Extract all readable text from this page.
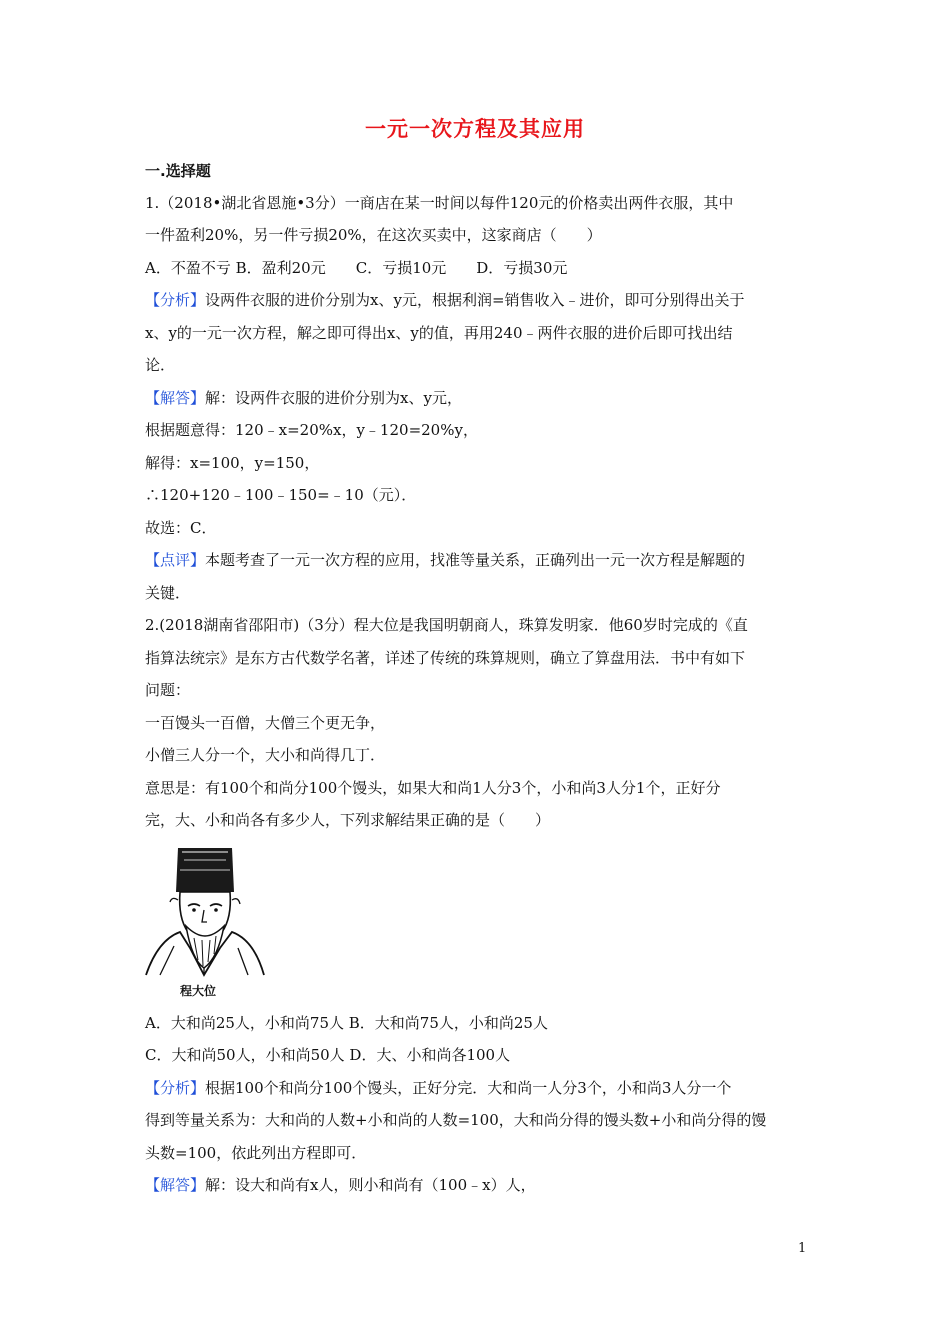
一元一次方程及其应用
一.选择题
1.（2018•湖北省恩施•3分）一商店在某一时间以每件120元的价格卖出两件衣服，其中
一件盈利20%，另一件亏损20%，在这次买卖中，这家商店（　　）
A．不盈不亏 B．盈利20元　　C．亏损10元　　D．亏损30元
【分析】设两件衣服的进价分别为x、y元，根据利润=销售收入﹣进价，即可分别得出关于
x、y的一元一次方程，解之即可得出x、y的值，再用240﹣两件衣服的进价后即可找出结
论．
【解答】解：设两件衣服的进价分别为x、y元，
根据题意得：120﹣x=20%x，y﹣120=20%y，
解得：x=100，y=150，
∴120+120﹣100﹣150=﹣10（元）．
故选：C．
【点评】本题考查了一元一次方程的应用，找准等量关系，正确列出一元一次方程是解题的
关键．
2.(2018湖南省邵阳市)（3分）程大位是我国明朝商人，珠算发明家．他60岁时完成的《直
指算法统宗》是东方古代数学名著，详述了传统的珠算规则，确立了算盘用法．书中有如下
问题：
一百馒头一百僧，大僧三个更无争，
小僧三人分一个，大小和尚得几丁．
意思是：有100个和尚分100个馒头，如果大和尚1人分3个，小和尚3人分1个，正好分
完，大、小和尚各有多少人，下列求解结果正确的是（　　）
程大位
A．大和尚25人，小和尚75人 B．大和尚75人，小和尚25人
C．大和尚50人，小和尚50人 D．大、小和尚各100人
【分析】根据100个和尚分100个馒头，正好分完．大和尚一人分3个，小和尚3人分一个
得到等量关系为：大和尚的人数+小和尚的人数=100，大和尚分得的馒头数+小和尚分得的馒
头数=100，依此列出方程即可．
【解答】解：设大和尚有x人，则小和尚有（100﹣x）人，
1
